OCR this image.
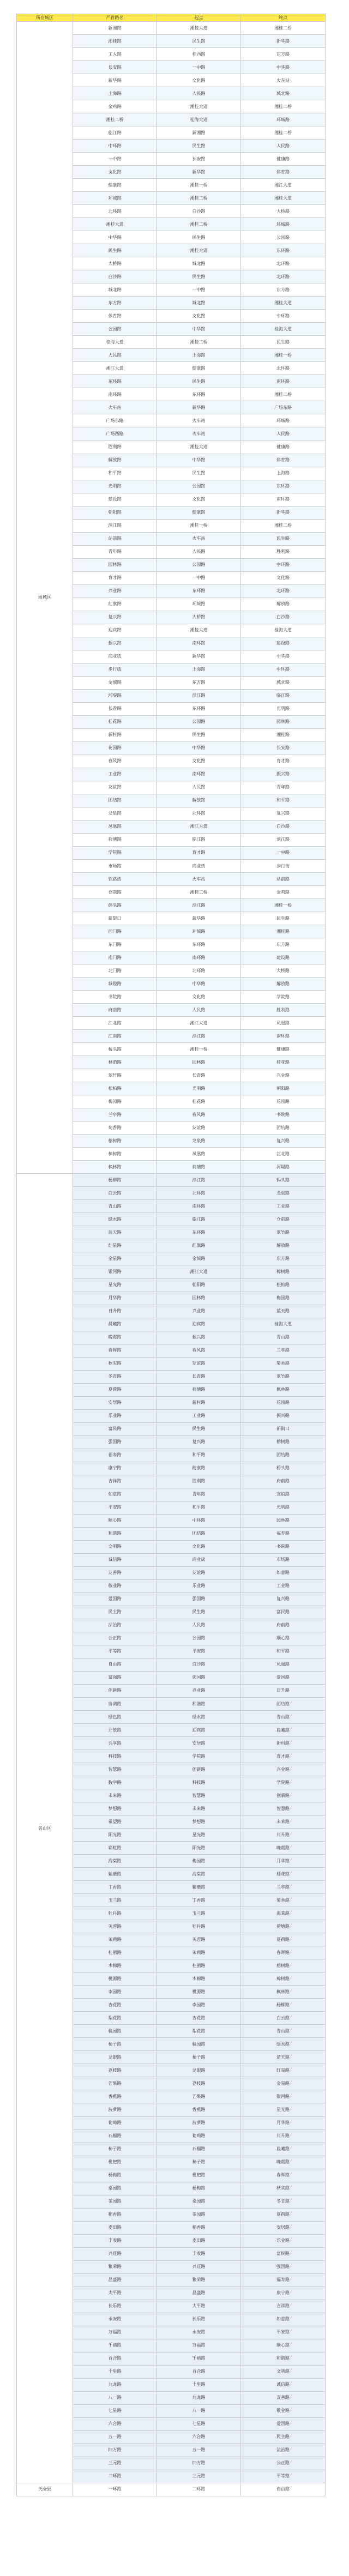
所在城区	严管路名	起点	终点
雨城区	新湘路	湘桂大道	湘桂二桥
	湘桂路	民生路	新华路
	工人路	桂西路	东方路
	长安路	一中路	中华路
	新华路	文化路	火车站
	上海路	人民路	城北路
	金鸡路	湘桂大道	湘桂二桥
	湘桂二桥	桂海大道	环城路
	临江路	新湘路	湘桂二桥
	中环路	民生路	人民路
	一中路	长安路	健康路
	文化路	新华路	体育路
	健康路	湘桂一桥	湘江大道
	环城路	湘桂二桥	湘桂大道
	北环路	白沙路	大桥路
	湘桂大道	湘桂二桥	环城路
	中华路	民生路	公园路
	民生路	湘桂大道	东环路
	大桥路	城北路	北环路
	白沙路	民生路	北环路
	城北路	一中路	东方路
	东方路	城北路	湘桂大道
	体育路	文化路	中环路
	公园路	中华路	桂海大道
	桂海大道	湘桂二桥	民生路
	人民路	上海路	湘桂一桥
	湘江大道	健康路	北环路
	东环路	民生路	南环路
	南环路	东环路	湘桂二桥
	火车站	新华路	广场东路
	广场东路	火车站	环城路
	广场西路	火车站	人民路
	胜利路	湘桂大道	健康路
	解放路	中华路	体育路
	和平路	民生路	上海路
	光明路	公园路	东环路
	建设路	文化路	南环路
	朝阳路	健康路	新华路
	滨江路	湘桂一桥	湘桂二桥
	站前路	火车站	民生路
	青年路	人民路	胜利路
	园林路	公园路	中环路
	育才路	一中路	文化路
	兴业路	东环路	北环路
	红旗路	环城路	解放路
	复兴路	大桥路	白沙路
	迎宾路	湘桂大道	桂海大道
	振兴路	南环路	建设路
	商业街	新华路	中华路
	步行街	上海路	中环路
	金城路	东方路	城北路
	河堤路	滨江路	临江路
	长青路	东环路	光明路
	桂花路	公园路	园林路
	新村路	民生路	湘桂路
	花园路	中华路	长安路
	春风路	文化路	育才路
	工业路	南环路	振兴路
	友谊路	人民路	青年路
	团结路	解放路	和平路
	龙泉路	北环路	复兴路
	凤凰路	湘江大道	白沙路
	荷塘路	临江路	滨江路
	学院路	育才路	一中路
	市场路	商业街	步行街
	铁路街	火车站	站前路
	仓前路	湘桂二桥	金鸡路
	码头路	滨江路	湘桂一桥
	新街口	新华路	民生路
	西门路	环城路	湘桂路
	东门路	东环路	东方路
	南门路	南环路	建设路
	北门路	北环路	大桥路
	城隍路	中华路	解放路
	书院路	文化路	学院路
	府前路	人民路	胜利路
	江北路	湘江大道	凤凰路
	江南路	滨江路	南环路
	桥头路	湘桂一桥	健康路
	林荫路	园林路	桂花路
	翠竹路	长青路	兴业路
	松柏路	光明路	朝阳路
	梅园路	桂花路	花园路
	兰亭路	春风路	书院路
	菊香路	友谊路	团结路
	榕树路	龙泉路	复兴路
	樟树路	凤凰路	江北路
	枫林路	荷塘路	河堤路
名山区	杨柳路	滨江路	码头路
	白云路	北环路	龙泉路
	青山路	南环路	工业路
	绿水路	临江路	仓前路
	蓝天路	东环路	翠竹路
	红星路	红旗路	解放路
	金星路	金城路	东方路
	银河路	湘江大道	樟树路
	星光路	朝阳路	松柏路
	月华路	园林路	梅园路
	日升路	兴业路	蓝天路
	晨曦路	迎宾路	桂海大道
	晚霞路	振兴路	青山路
	春晖路	春风路	兰亭路
	秋实路	友谊路	菊香路
	冬青路	长青路	翠竹路
	夏荷路	荷塘路	枫林路
	安居路	新村路	花园路
	乐业路	工业路	振兴路
	富民路	民生路	新街口
	强国路	复兴路	榕树路
	福寿路	和平路	团结路
	康宁路	健康路	桥头路
	吉祥路	胜利路	府前路
	如意路	青年路	友谊路
	平安路	和平路	光明路
	顺心路	中环路	园林路
	和谐路	团结路	福寿路
	文明路	文化路	书院路
	诚信路	商业街	市场路
	友善路	友谊路	如意路
	敬业路	乐业路	工业路
	爱国路	强国路	复兴路
	民主路	民生路	富民路
	法治路	人民路	府前路
	公正路	公园路	顺心路
	平等路	平安路	和平路
	自由路	白沙路	凤凰路
	富强路	强国路	爱国路
	创新路	兴业路	日升路
	协调路	和谐路	团结路
	绿色路	绿水路	青山路
	开放路	迎宾路	晨曦路
	共享路	安居路	新村路
	科技路	学院路	育才路
	智慧路	创新路	兴业路
	数字路	科技路	学院路
	未来路	智慧路	创新路
	梦想路	未来路	智慧路
	希望路	梦想路	未来路
	阳光路	星光路	日升路
	彩虹路	阳光路	晚霞路
	海棠路	梅园路	月华路
	紫薇路	海棠路	桂花路
	丁香路	紫薇路	兰亭路
	玉兰路	丁香路	菊香路
	牡丹路	玉兰路	海棠路
	芙蓉路	牡丹路	荷塘路
	茉莉路	芙蓉路	夏荷路
	杜鹃路	茉莉路	春晖路
	木棉路	杜鹃路	榕树路
	桃源路	木棉路	樟树路
	李园路	桃源路	枫林路
	杏花路	李园路	杨柳路
	梨花路	杏花路	白云路
	橘园路	梨花路	青山路
	柚子路	橘园路	绿水路
	龙眼路	柚子路	蓝天路
	荔枝路	龙眼路	红星路
	芒果路	荔枝路	金星路
	香蕉路	芒果路	银河路
	菠萝路	香蕉路	星光路
	葡萄路	菠萝路	月华路
	石榴路	葡萄路	日升路
	柿子路	石榴路	晨曦路
	枇杷路	柿子路	晚霞路
	杨梅路	枇杷路	春晖路
	桑园路	杨梅路	秋实路
	茶园路	桑园路	冬青路
	稻香路	茶园路	夏荷路
	麦田路	稻香路	安居路
	丰收路	麦田路	乐业路
	兴旺路	丰收路	富民路
	繁荣路	兴旺路	强国路
	昌盛路	繁荣路	福寿路
	太平路	昌盛路	康宁路
	长乐路	太平路	吉祥路
	永安路	长乐路	如意路
	万福路	永安路	平安路
	千禧路	万福路	顺心路
	百合路	千禧路	和谐路
	十里路	百合路	文明路
	九龙路	十里路	诚信路
	八一路	九龙路	友善路
	七星路	八一路	敬业路
	六合路	七星路	爱国路
	五一路	六合路	民主路
	四方路	五一路	法治路
	三元路	四方路	公正路
	二环路	三元路	平等路
天全县	一环路	二环路	自由路
